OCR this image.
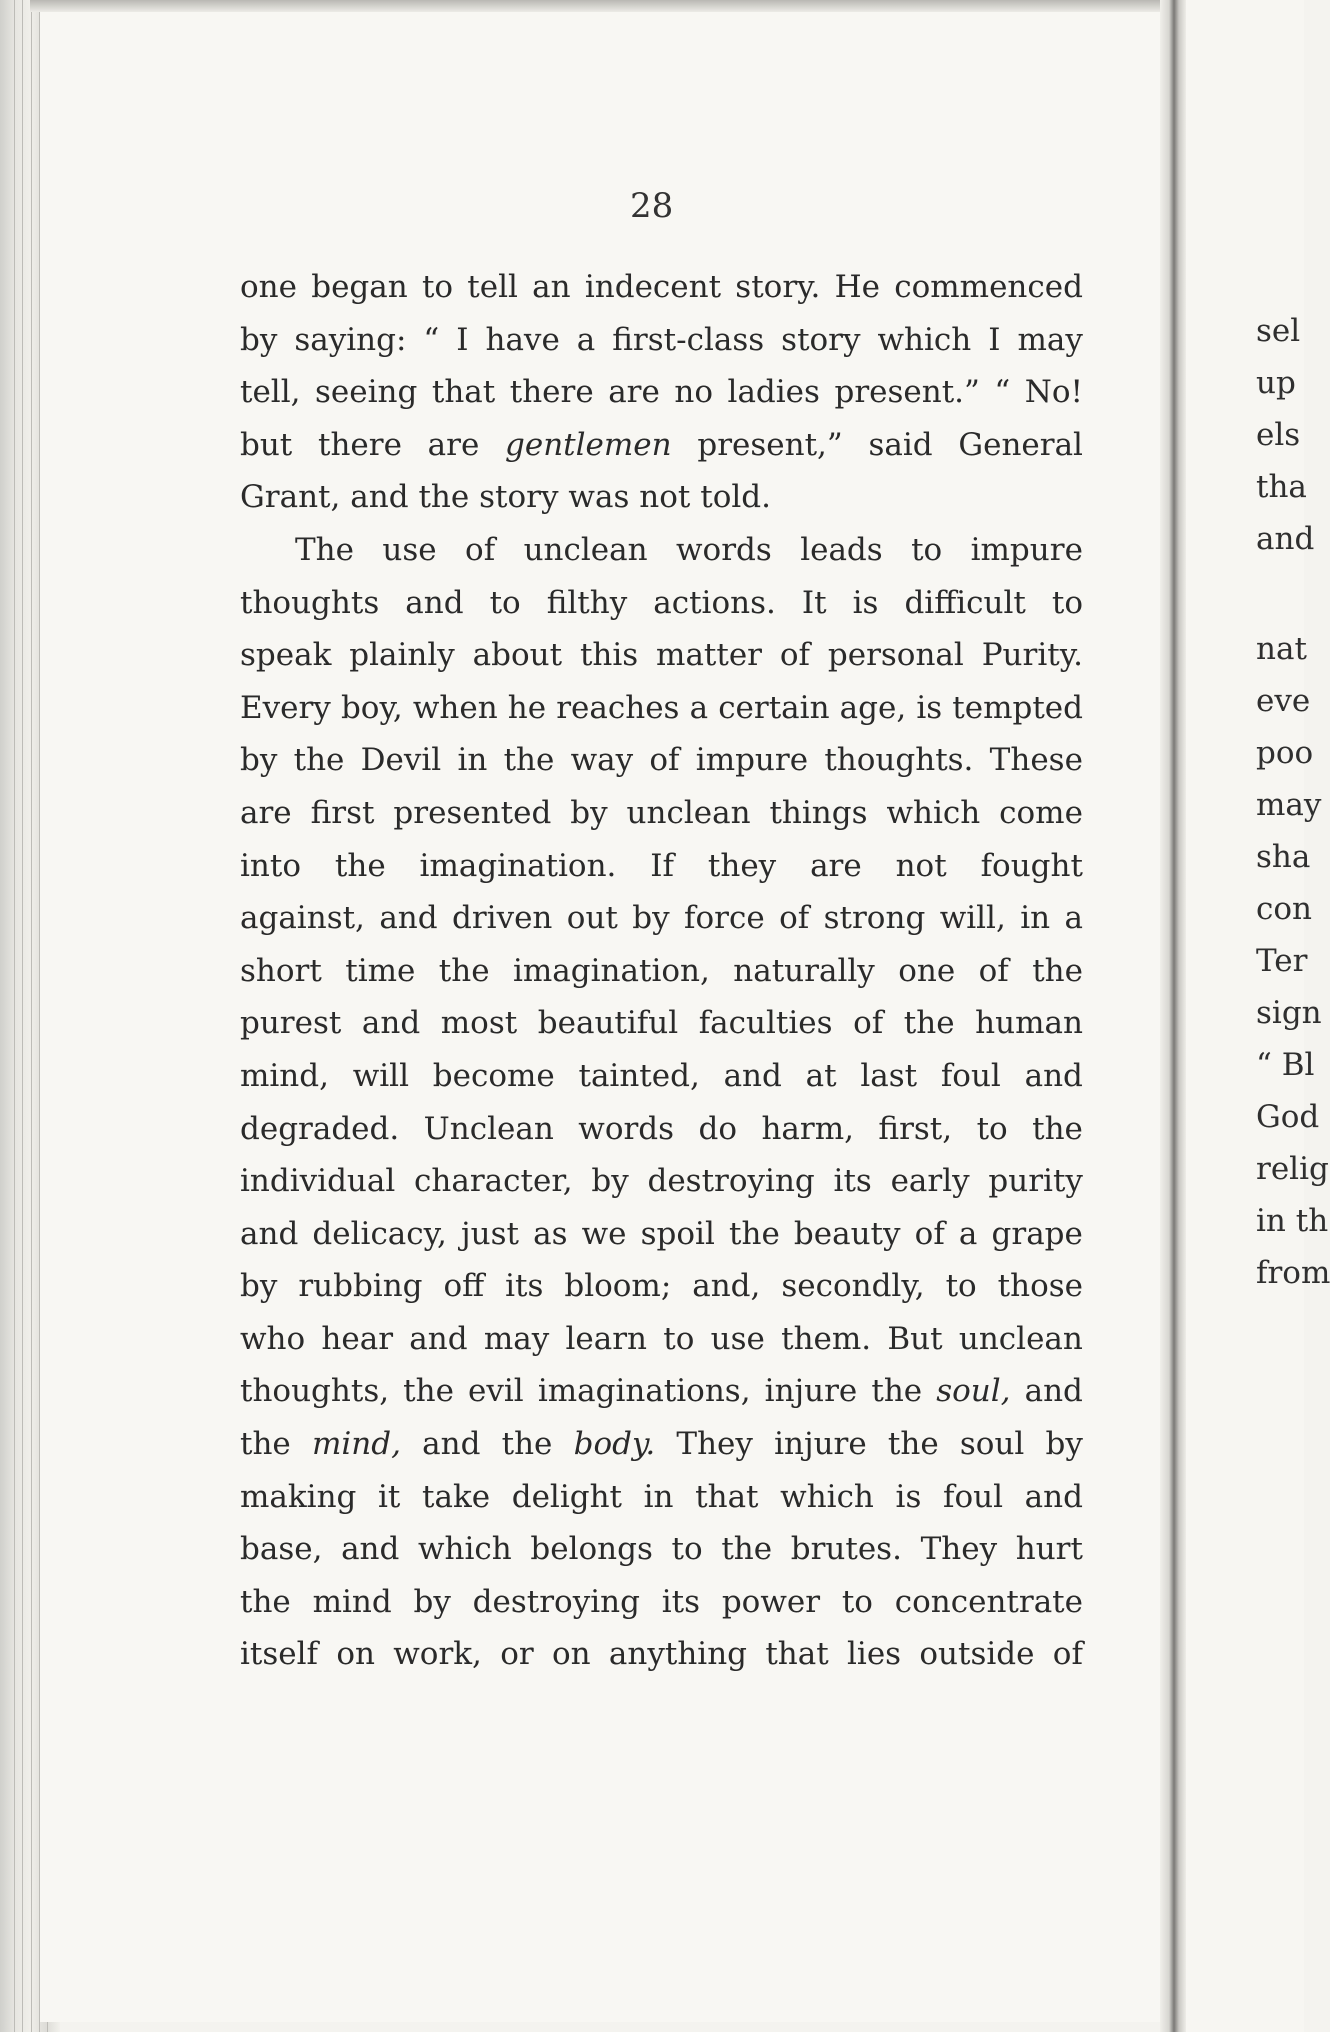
28
one began to tell an indecent story. He commenced
by saying: “ I have a first-class story which I may
tell, seeing that there are no ladies present.” “ No!
but there are gentlemen present,” said General
Grant, and the story was not told.
The use of unclean words leads to impure
thoughts and to filthy actions. It is difficult to
speak plainly about this matter of personal Purity.
Every boy, when he reaches a certain age, is tempted
by the Devil in the way of impure thoughts. These
are first presented by unclean things which come
into the imagination. If they are not fought
against, and driven out by force of strong will, in a
short time the imagination, naturally one of the
purest and most beautiful faculties of the human
mind, will become tainted, and at last foul and
degraded. Unclean words do harm, first, to the
individual character, by destroying its early purity
and delicacy, just as we spoil the beauty of a grape
by rubbing off its bloom; and, secondly, to those
who hear and may learn to use them. But unclean
thoughts, the evil imaginations, injure the soul, and
the mind, and the body. They injure the soul by
making it take delight in that which is foul and
base, and which belongs to the brutes. They hurt
the mind by destroying its power to concentrate
itself on work, or on anything that lies outside of
sel
up
els
tha
and
nat
eve
poo
may
sha
con
Ter
sign
“ Bl
God
relig
in th
from
